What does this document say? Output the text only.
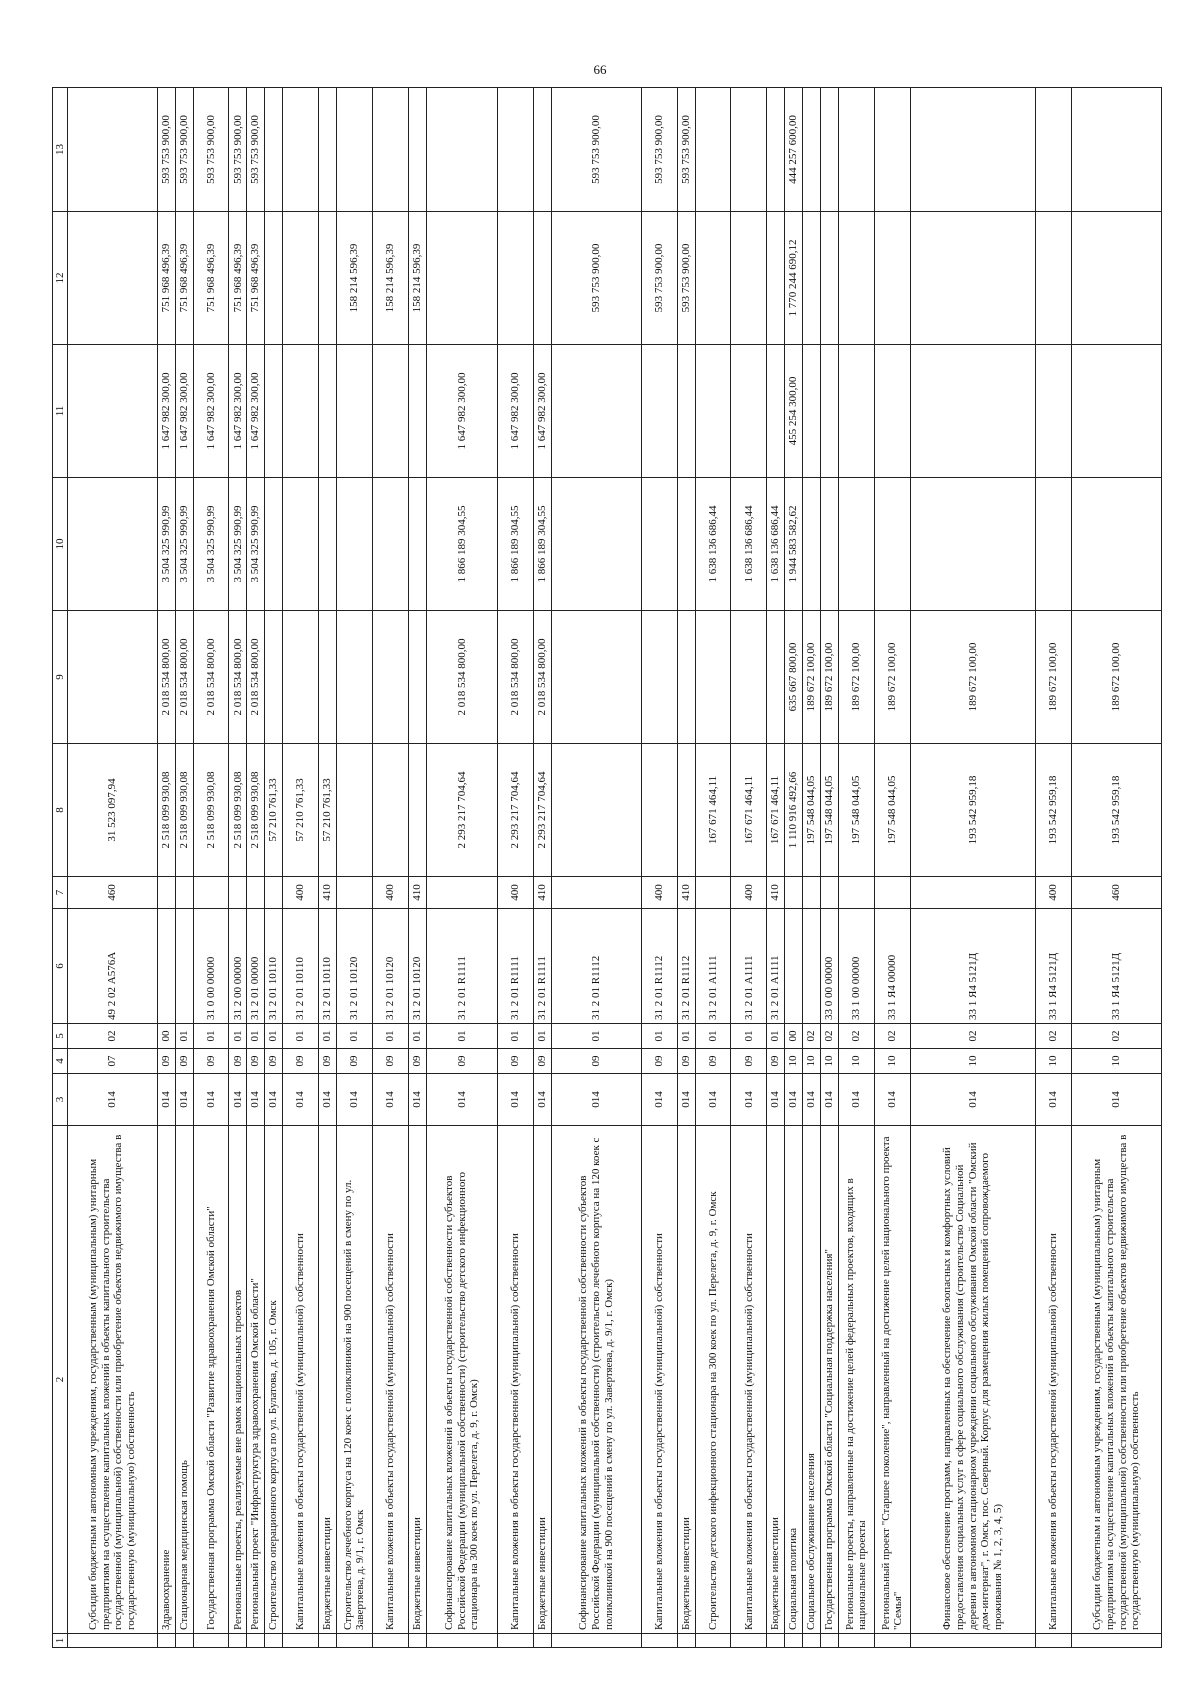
66
1	2	3	4	5	6	7	8	9	10	11	12	13
	Субсидии бюджетным и автономным учреждениям, государственным (муниципальным) унитарным предприятиям на осуществление капитальных вложений в объекты капитального строительства государственной (муниципальной) собственности или приобретение объектов недвижимого имущества в государственную (муниципальную) собственность	014	07	02	49 2 02 А576А	460	31 523 097,94					
	Здравоохранение	014	09	00			2 518 099 930,08	2 018 534 800,00	3 504 325 990,99	1 647 982 300,00	751 968 496,39	593 753 900,00
	Стационарная медицинская помощь	014	09	01			2 518 099 930,08	2 018 534 800,00	3 504 325 990,99	1 647 982 300,00	751 968 496,39	593 753 900,00
	Государственная программа Омской области "Развитие здравоохранения Омской области"	014	09	01	31 0 00 00000		2 518 099 930,08	2 018 534 800,00	3 504 325 990,99	1 647 982 300,00	751 968 496,39	593 753 900,00
	Региональные проекты, реализуемые вне рамок национальных проектов	014	09	01	31 2 00 00000		2 518 099 930,08	2 018 534 800,00	3 504 325 990,99	1 647 982 300,00	751 968 496,39	593 753 900,00
	Региональный проект "Инфраструктура здравоохранения Омской области"	014	09	01	31 2 01 00000		2 518 099 930,08	2 018 534 800,00	3 504 325 990,99	1 647 982 300,00	751 968 496,39	593 753 900,00
	Строительство операционного корпуса по ул. Булатова, д. 105, г. Омск	014	09	01	31 2 01 10110		57 210 761,33					
	Капитальные вложения в объекты государственной (муниципальной) собственности	014	09	01	31 2 01 10110	400	57 210 761,33					
	Бюджетные инвестиции	014	09	01	31 2 01 10110	410	57 210 761,33					
	Строительство лечебного корпуса на 120 коек с поликлиникой на 900 посещений в смену по ул. Завертяева, д. 9/1, г. Омск	014	09	01	31 2 01 10120						158 214 596,39	
	Капитальные вложения в объекты государственной (муниципальной) собственности	014	09	01	31 2 01 10120	400					158 214 596,39	
	Бюджетные инвестиции	014	09	01	31 2 01 10120	410					158 214 596,39	
	Софинансирование капитальных вложений в объекты государственной собственности субъектов Российской Федерации (муниципальной собственности) (строительство детского инфекционного стационара на 300 коек по ул. Перелета, д. 9, г. Омск)	014	09	01	31 2 01 R1111		2 293 217 704,64	2 018 534 800,00	1 866 189 304,55	1 647 982 300,00		
	Капитальные вложения в объекты государственной (муниципальной) собственности	014	09	01	31 2 01 R1111	400	2 293 217 704,64	2 018 534 800,00	1 866 189 304,55	1 647 982 300,00		
	Бюджетные инвестиции	014	09	01	31 2 01 R1111	410	2 293 217 704,64	2 018 534 800,00	1 866 189 304,55	1 647 982 300,00		
	Софинансирование капитальных вложений в объекты государственной собственности субъектов Российской Федерации (муниципальной собственности) (строительство лечебного корпуса на 120 коек с поликлиникой на 900 посещений в смену по ул. Завертяева, д. 9/1, г. Омск)	014	09	01	31 2 01 R1112						593 753 900,00	593 753 900,00
	Капитальные вложения в объекты государственной (муниципальной) собственности	014	09	01	31 2 01 R1112	400					593 753 900,00	593 753 900,00
	Бюджетные инвестиции	014	09	01	31 2 01 R1112	410					593 753 900,00	593 753 900,00
	Строительство детского инфекционного стационара на 300 коек по ул. Перелета, д. 9, г. Омск	014	09	01	31 2 01 А1111		167 671 464,11		1 638 136 686,44			
	Капитальные вложения в объекты государственной (муниципальной) собственности	014	09	01	31 2 01 А1111	400	167 671 464,11		1 638 136 686,44			
	Бюджетные инвестиции	014	09	01	31 2 01 А1111	410	167 671 464,11		1 638 136 686,44			
	Социальная политика	014	10	00			1 110 916 492,66	635 667 800,00	1 944 583 582,62	455 254 300,00	1 770 244 690,12	444 257 600,00
	Социальное обслуживание населения	014	10	02			197 548 044,05	189 672 100,00				
	Государственная программа Омской области "Социальная поддержка населения"	014	10	02	33 0 00 00000		197 548 044,05	189 672 100,00				
	Региональные проекты, направленные на достижение целей федеральных проектов, входящих в национальные проекты	014	10	02	33 1 00 00000		197 548 044,05	189 672 100,00				
	Региональный проект "Старшее поколение", направленный на достижение целей национального проекта "Семья"	014	10	02	33 1 Я4 00000		197 548 044,05	189 672 100,00				
	Финансовое обеспечение программ, направленных на обеспечение безопасных и комфортных условий предоставления социальных услуг в сфере социального обслуживания (строительство Социальной деревни в автономном стационарном учреждении социального обслуживания Омской области "Омский дом-интернат", г. Омск, пос. Северный. Корпус для размещения жилых помещений сопровождаемого проживания № 1, 2, 3, 4, 5)	014	10	02	33 1 Я4 5121Д		193 542 959,18	189 672 100,00				
	Капитальные вложения в объекты государственной (муниципальной) собственности	014	10	02	33 1 Я4 5121Д	400	193 542 959,18	189 672 100,00				
	Субсидии бюджетным и автономным учреждениям, государственным (муниципальным) унитарным предприятиям на осуществление капитальных вложений в объекты капитального строительства государственной (муниципальной) собственности или приобретение объектов недвижимого имущества в государственную (муниципальную) собственность	014	10	02	33 1 Я4 5121Д	460	193 542 959,18	189 672 100,00				
